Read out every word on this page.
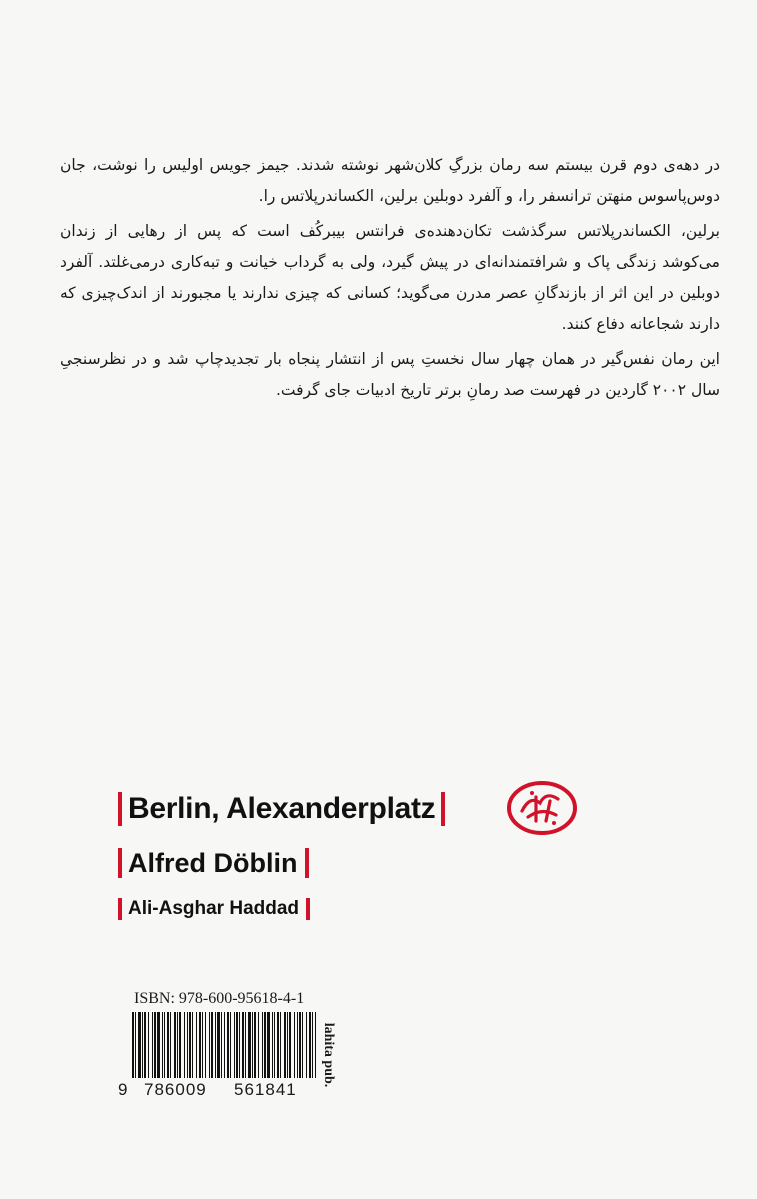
در دهه‌ی دوم قرن بیستم سه رمان بزرگِ کلان‌شهر نوشته شدند. جیمز جویس اولیس را نوشت، جان دوس‌پاسوس منهتن ترانسفر را، و آلفرد دوبلین برلین، الکساندرپلاتس را.

برلین، الکساندرپلاتس سرگذشت تکان‌دهنده‌ی فرانتس بیبرکُف است که پس از رهایی از زندان می‌کوشد زندگی پاک و شرافتمندانه‌ای در پیش گیرد، ولی به گرداب خیانت و تبه‌کاری درمی‌غلتد. آلفرد دوبلین در این اثر از بازندگانِ عصر مدرن می‌گوید؛ کسانی که چیزی ندارند یا مجبورند از اندک‌چیزی که دارند شجاعانه دفاع کنند.

این رمان نفس‌گیر در همان چهار سال نخستِ پس از انتشار پنجاه بار تجدیدچاپ شد و در نظرسنجیِ سال ۲۰۰۲ گاردین در فهرست صد رمانِ برتر تاریخ ادبیات جای گرفت.

Berlin, Alexanderplatz
Alfred Döblin
Ali-Asghar Haddad
ISBN: 978-600-95618-4-1
9 786009 561841
lahita pub.
